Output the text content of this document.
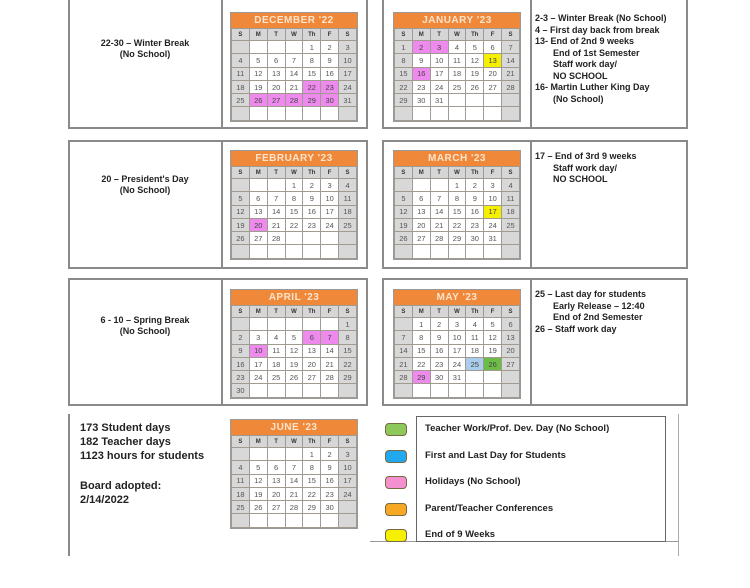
22-30 – Winter Break
(No School)
20 – President's Day
(No School)
6 - 10 – Spring Break
(No School)
2-3 – Winter Break (No School)
4 – First day back from break
13- End of 2nd 9 weeks
End of 1st Semester
Staff work day/
NO SCHOOL
16- Martin Luther King Day
(No School)
17 – End of 3rd 9 weeks
Staff work day/
NO SCHOOL
25 – Last day for students
Early Release – 12:40
End of 2nd Semester
26 – Staff work day
DECEMBER '22
S	M	T	W	Th	F	S
				1	2	3
4	5	6	7	8	9	10
11	12	13	14	15	16	17
18	19	20	21	22	23	24
25	26	27	28	29	30	31

JANUARY '23
S	M	T	W	Th	F	S
1	2	3	4	5	6	7
8	9	10	11	12	13	14
15	16	17	18	19	20	21
22	23	24	25	26	27	28
29	30	31				

FEBRUARY '23
S	M	T	W	Th	F	S
			1	2	3	4
5	6	7	8	9	10	11
12	13	14	15	16	17	18
19	20	21	22	23	24	25
26	27	28				

MARCH '23
S	M	T	W	Th	F	S
			1	2	3	4
5	6	7	8	9	10	11
12	13	14	15	16	17	18
19	20	21	22	23	24	25
26	27	28	29	30	31	

APRIL '23
S	M	T	W	Th	F	S
						1
2	3	4	5	6	7	8
9	10	11	12	13	14	15
16	17	18	19	20	21	22
23	24	25	26	27	28	29
30						
MAY '23
S	M	T	W	Th	F	S
	1	2	3	4	5	6
7	8	9	10	11	12	13
14	15	16	17	18	19	20
21	22	23	24	25	26	27
28	29	30	31			

JUNE '23
S	M	T	W	Th	F	S
				1	2	3
4	5	6	7	8	9	10
11	12	13	14	15	16	17
18	19	20	21	22	23	24
25	26	27	28	29	30	

173 Student days
182 Teacher days
1123 hours for students
Board adopted:
2/14/2022
Teacher Work/Prof. Dev. Day (No School)
First and Last Day for Students
Holidays (No School)
Parent/Teacher Conferences
End of 9 Weeks
